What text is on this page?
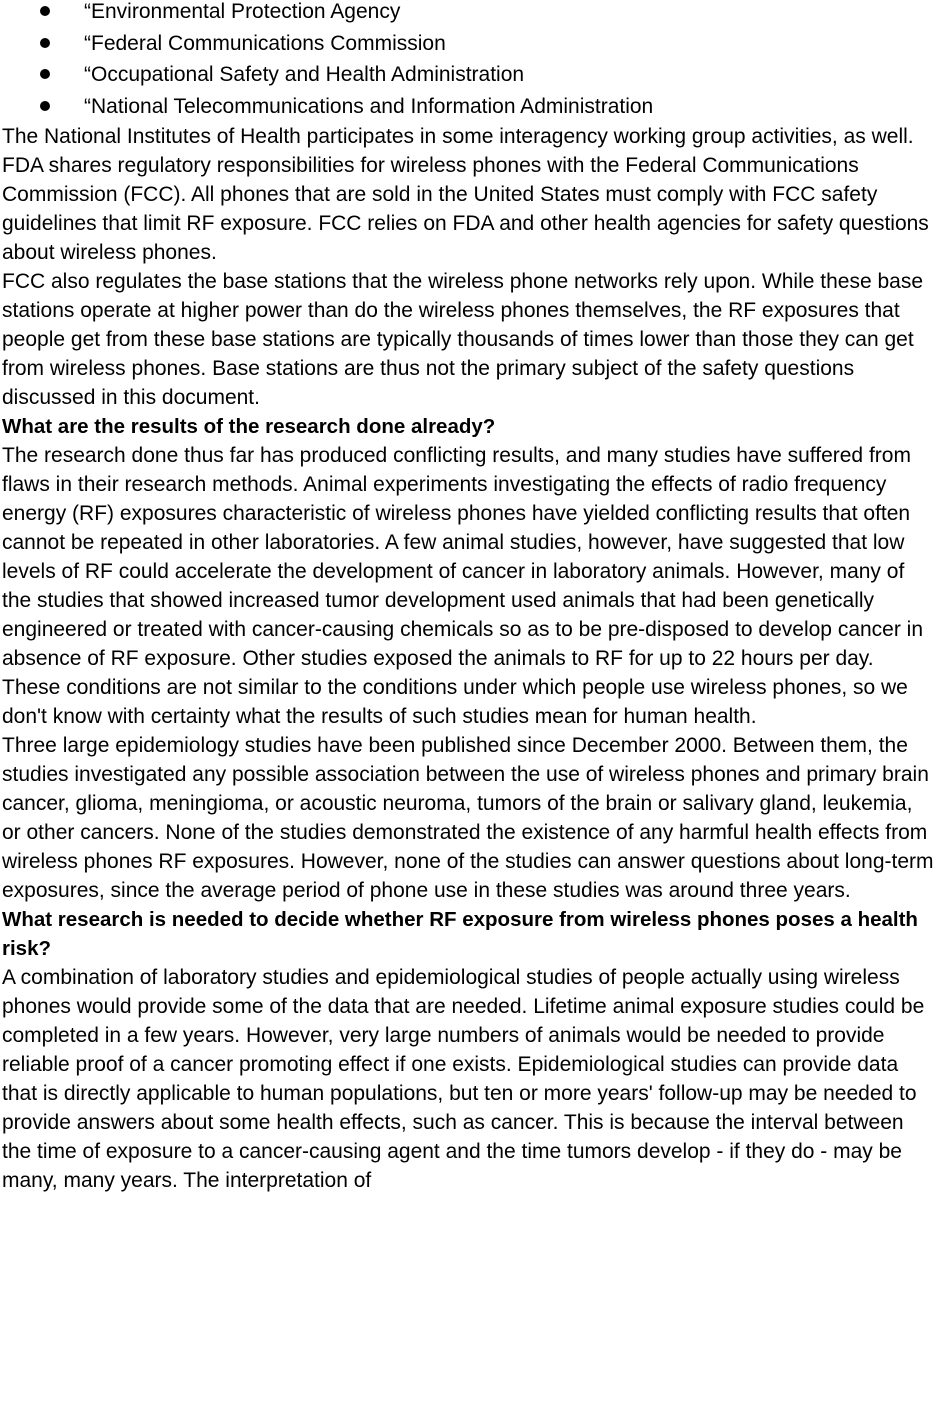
“Environmental Protection Agency
“Federal Communications Commission
“Occupational Safety and Health Administration
“National Telecommunications and Information Administration

The National Institutes of Health participates in some interagency working group activities, as well.

FDA shares regulatory responsibilities for wireless phones with the Federal Communications Commission (FCC). All phones that are sold in the United States must comply with FCC safety guidelines that limit RF exposure. FCC relies on FDA and other health agencies for safety questions about wireless phones.

FCC also regulates the base stations that the wireless phone networks rely upon. While these base stations operate at higher power than do the wireless phones themselves, the RF exposures that people get from these base stations are typically thousands of times lower than those they can get from wireless phones. Base stations are thus not the primary subject of the safety questions discussed in this document.

What are the results of the research done already?

The research done thus far has produced conflicting results, and many studies have suffered from flaws in their research methods. Animal experiments investigating the effects of radio frequency energy (RF) exposures characteristic of wireless phones have yielded conflicting results that often cannot be repeated in other laboratories. A few animal studies, however, have suggested that low levels of RF could accelerate the development of cancer in laboratory animals. However, many of the studies that showed increased tumor development used animals that had been genetically engineered or treated with cancer-causing chemicals so as to be pre-disposed to develop cancer in absence of RF exposure. Other studies exposed the animals to RF for up to 22 hours per day. These conditions are not similar to the conditions under which people use wireless phones, so we don't know with certainty what the results of such studies mean for human health.

Three large epidemiology studies have been published since December 2000. Between them, the studies investigated any possible association between the use of wireless phones and primary brain cancer, glioma, meningioma, or acoustic neuroma, tumors of the brain or salivary gland, leukemia, or other cancers. None of the studies demonstrated the existence of any harmful health effects from wireless phones RF exposures. However, none of the studies can answer questions about long-term exposures, since the average period of phone use in these studies was around three years.

What research is needed to decide whether RF exposure from wireless phones poses a health risk?

A combination of laboratory studies and epidemiological studies of people actually using wireless phones would provide some of the data that are needed. Lifetime animal exposure studies could be completed in a few years. However, very large numbers of animals would be needed to provide reliable proof of a cancer promoting effect if one exists. Epidemiological studies can provide data that is directly applicable to human populations, but ten or more years' follow-up may be needed to provide answers about some health effects, such as cancer. This is because the interval between the time of exposure to a cancer-causing agent and the time tumors develop - if they do - may be many, many years. The interpretation of
